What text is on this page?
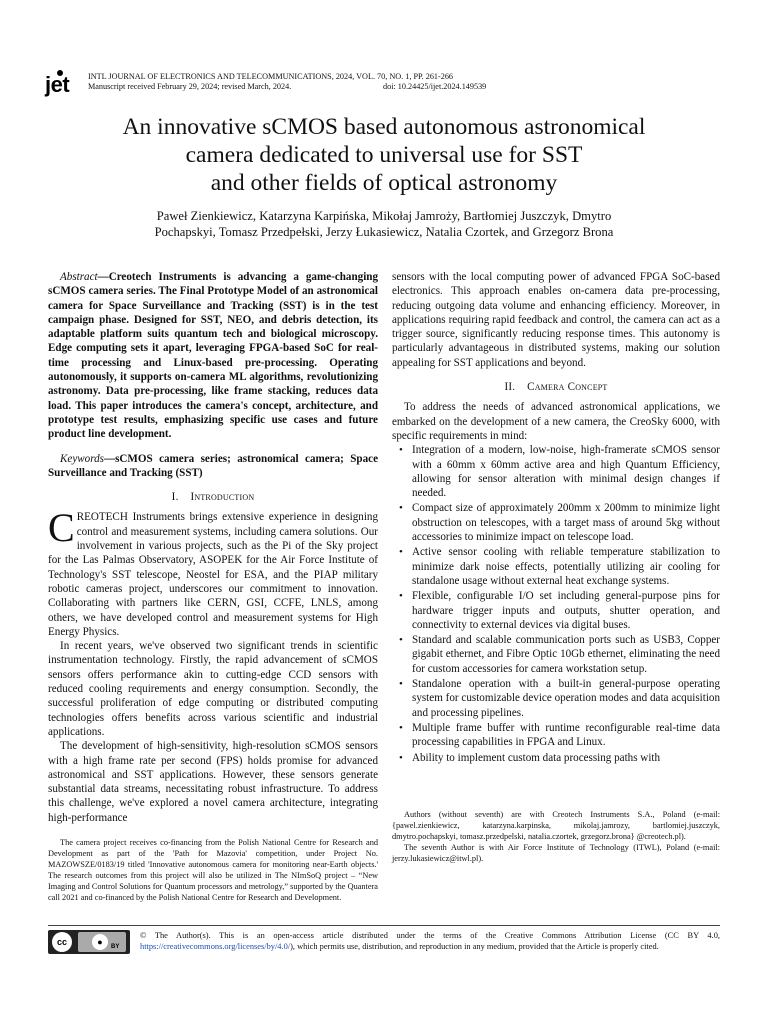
jet INTL JOURNAL OF ELECTRONICS AND TELECOMMUNICATIONS, 2024, VOL. 70, NO. 1, PP. 261-266
Manuscript received February 29, 2024; revised March, 2024.	doi: 10.24425/ijet.2024.149539
An innovative sCMOS based autonomous astronomical
camera dedicated to universal use for SST
and other fields of optical astronomy
Paweł Zienkiewicz, Katarzyna Karpińska, Mikołaj Jamroży, Bartłomiej Juszczyk, Dmytro
Pochapskyi, Tomasz Przedpełski, Jerzy Łukasiewicz, Natalia Czortek, and Grzegorz Brona

Abstract—Creotech Instruments is advancing a game-changing sCMOS camera series. The Final Prototype Model of an astronomical camera for Space Surveillance and Tracking (SST) is in the test campaign phase. Designed for SST, NEO, and debris detection, its adaptable platform suits quantum tech and biological microscopy. Edge computing sets it apart, leveraging FPGA-based SoC for real-time processing and Linux-based pre-processing. Operating autonomously, it supports on-camera ML algorithms, revolutionizing astronomy. Data pre-processing, like frame stacking, reduces data load. This paper introduces the camera's concept, architecture, and prototype test results, emphasizing specific use cases and future product line development.

Keywords—sCMOS camera series; astronomical camera; Space Surveillance and Tracking (SST)

I. Introduction

CREOTECH Instruments brings extensive experience in designing control and measurement systems, including camera solutions. Our involvement in various projects, such as the Pi of the Sky project for the Las Palmas Observatory, ASOPEK for the Air Force Institute of Technology's SST telescope, Neostel for ESA, and the PIAP military robotic cameras project, underscores our commitment to innovation. Collaborating with partners like CERN, GSI, CCFE, LNLS, among others, we have developed control and measurement systems for High Energy Physics.

In recent years, we've observed two significant trends in scientific instrumentation technology. Firstly, the rapid advancement of sCMOS sensors offers performance akin to cutting-edge CCD sensors with reduced cooling requirements and energy consumption. Secondly, the successful proliferation of edge computing or distributed computing technologies offers benefits across various scientific and industrial applications.

The development of high-sensitivity, high-resolution sCMOS sensors with a high frame rate per second (FPS) holds promise for advanced astronomical and SST applications. However, these sensors generate substantial data streams, necessitating robust infrastructure. To address this challenge, we've explored a novel camera architecture, integrating high-performance

sensors with the local computing power of advanced FPGA SoC-based electronics. This approach enables on-camera data pre-processing, reducing outgoing data volume and enhancing efficiency. Moreover, in applications requiring rapid feedback and control, the camera can act as a trigger source, significantly reducing response times. This autonomy is particularly advantageous in distributed systems, making our solution appealing for SST applications and beyond.

II. Camera Concept

To address the needs of advanced astronomical applications, we embarked on the development of a new camera, the CreoSky 6000, with specific requirements in mind:

• Integration of a modern, low-noise, high-framerate sCMOS sensor with a 60mm x 60mm active area and high Quantum Efficiency, allowing for sensor alteration with minimal design changes if needed.
• Compact size of approximately 200mm x 200mm to minimize light obstruction on telescopes, with a target mass of around 5kg without accessories to minimize impact on telescope load.
• Active sensor cooling with reliable temperature stabilization to minimize dark noise effects, potentially utilizing air cooling for standalone usage without external heat exchange systems.
• Flexible, configurable I/O set including general-purpose pins for hardware trigger inputs and outputs, shutter operation, and connectivity to external devices via digital buses.
• Standard and scalable communication ports such as USB3, Copper gigabit ethernet, and Fibre Optic 10Gb ethernet, eliminating the need for custom accessories for camera workstation setup.
• Standalone operation with a built-in general-purpose operating system for customizable device operation modes and data acquisition and processing pipelines.
• Multiple frame buffer with runtime reconfigurable real-time data processing capabilities in FPGA and Linux.
• Ability to implement custom data processing paths with

The camera project receives co-financing from the Polish National Centre for Research and Development as part of the 'Path for Mazovia' competition, under Project No. MAZOWSZE/0183/19 titled 'Innovative autonomous camera for monitoring near-Earth objects.' The research outcomes from this project will also be utilized in The NImSoQ project – “New Imaging and Control Solutions for Quantum processors and metrology,” supported by the Quantera call 2021 and co-financed by the Polish National Centre for Research and Development.

Authors (without seventh) are with Creotech Instruments S.A., Poland (e-mail: {pawel.zienkiewicz, katarzyna.karpinska, mikolaj.jamrozy, bartlomiej.juszczyk, dmytro.pochapskyi, tomasz.przedpelski, natalia.czortek, grzegorz.brona} @creotech.pl).

The seventh Author is with Air Force Institute of Technology (ITWL), Poland (e-mail: jerzy.lukasiewicz@itwl.pl).

cc	●	BY
© The Author(s). This is an open-access article distributed under the terms of the Creative Commons Attribution License (CC BY 4.0, https://creativecommons.org/licenses/by/4.0/), which permits use, distribution, and reproduction in any medium, provided that the Article is properly cited.
